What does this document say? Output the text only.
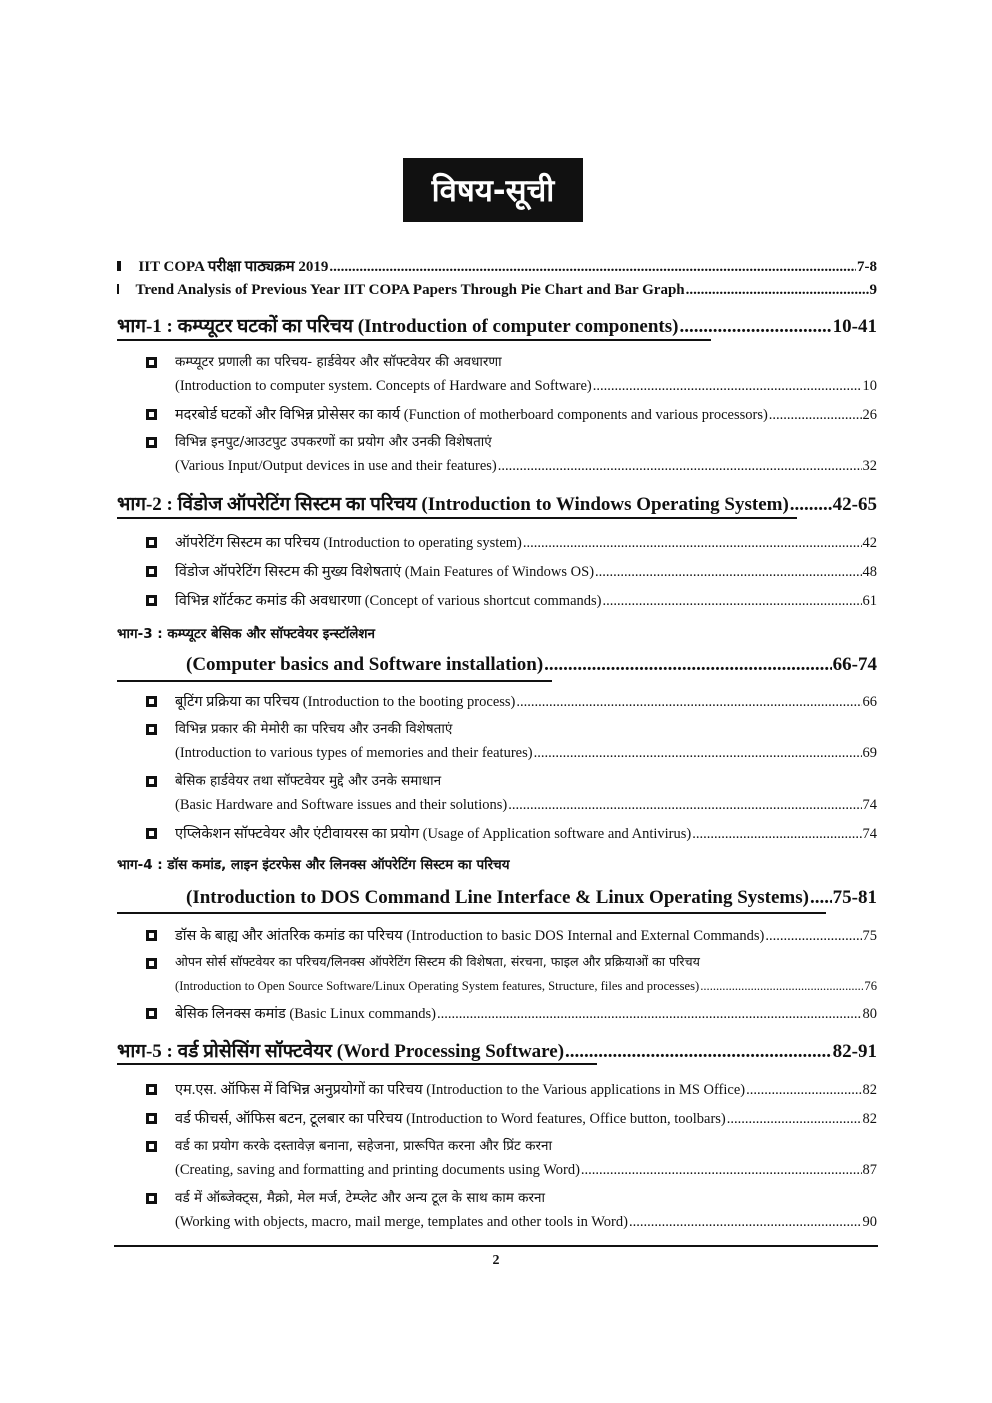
विषय-सूची
IIT COPA परीक्षा पाठ्यक्रम 2019 .....	7-8
Trend Analysis of Previous Year IIT COPA Papers Through Pie Chart and Bar Graph .....	9
भाग-1 : कम्प्यूटर घटकों का परिचय (Introduction of computer components) .....	10-41
कम्प्यूटर प्रणाली का परिचय- हार्डवेयर और सॉफ्टवेयर की अवधारणा
(Introduction to computer system. Concepts of Hardware and Software) .....	10
मदरबोर्ड घटकों और विभिन्न प्रोसेसर का कार्य (Function of motherboard components and various processors) .....	26
विभिन्न इनपुट/आउटपुट उपकरणों का प्रयोग और उनकी विशेषताएं
(Various Input/Output devices in use and their features) .....	32
भाग-2 : विंडोज ऑपरेटिंग सिस्टम का परिचय (Introduction to Windows Operating System) ..... 42-65
ऑपरेटिंग सिस्टम का परिचय (Introduction to operating system) .....	42
विंडोज ऑपरेटिंग सिस्टम की मुख्य विशेषताएं (Main Features of Windows OS) .....	48
विभिन्न शॉर्टकट कमांड की अवधारणा (Concept of various shortcut commands) .....	61
भाग-3 : कम्प्यूटर बेसिक और सॉफ्टवेयर इन्स्टॉलेशन
(Computer basics and Software installation) .....	66-74
बूटिंग प्रक्रिया का परिचय (Introduction to the booting process) .....	66
विभिन्न प्रकार की मेमोरी का परिचय और उनकी विशेषताएं
(Introduction to various types of memories and their features) .....	69
बेसिक हार्डवेयर तथा सॉफ्टवेयर मुद्दे और उनके समाधान
(Basic Hardware and Software issues and their solutions) .....	74
एप्लिकेशन सॉफ्टवेयर और एंटीवायरस का प्रयोग (Usage of Application software and Antivirus) .....	74
भाग-4 : डॉस कमांड, लाइन इंटरफेस और लिनक्स ऑपरेटिंग सिस्टम का परिचय
(Introduction to DOS Command Line Interface & Linux Operating Systems) ..... 75-81
डॉस के बाह्य और आंतरिक कमांड का परिचय (Introduction to basic DOS Internal and External Commands) .....	75
ओपन सोर्स सॉफ्टवेयर का परिचय/लिनक्स ऑपरेटिंग सिस्टम की विशेषता, संरचना, फाइल और प्रक्रियाओं का परिचय
(Introduction to Open Source Software/Linux Operating System features, Structure, files and processes) .....	76
बेसिक लिनक्स कमांड (Basic Linux commands) .....	80
भाग-5 : वर्ड प्रोसेसिंग सॉफ्टवेयर (Word Processing Software) .....	82-91
एम.एस. ऑफिस में विभिन्न अनुप्रयोगों का परिचय (Introduction to the Various applications in MS Office) .....	82
वर्ड फीचर्स, ऑफिस बटन, टूलबार का परिचय (Introduction to Word features, Office button, toolbars) .....	82
वर्ड का प्रयोग करके दस्तावेज़ बनाना, सहेजना, प्रारूपित करना और प्रिंट करना
(Creating, saving and formatting and printing documents using Word) .....	87
वर्ड में ऑब्जेक्ट्स, मैक्रो, मेल मर्ज, टेम्प्लेट और अन्य टूल के साथ काम करना
(Working with objects, macro, mail merge, templates and other tools in Word) .....	90
2
